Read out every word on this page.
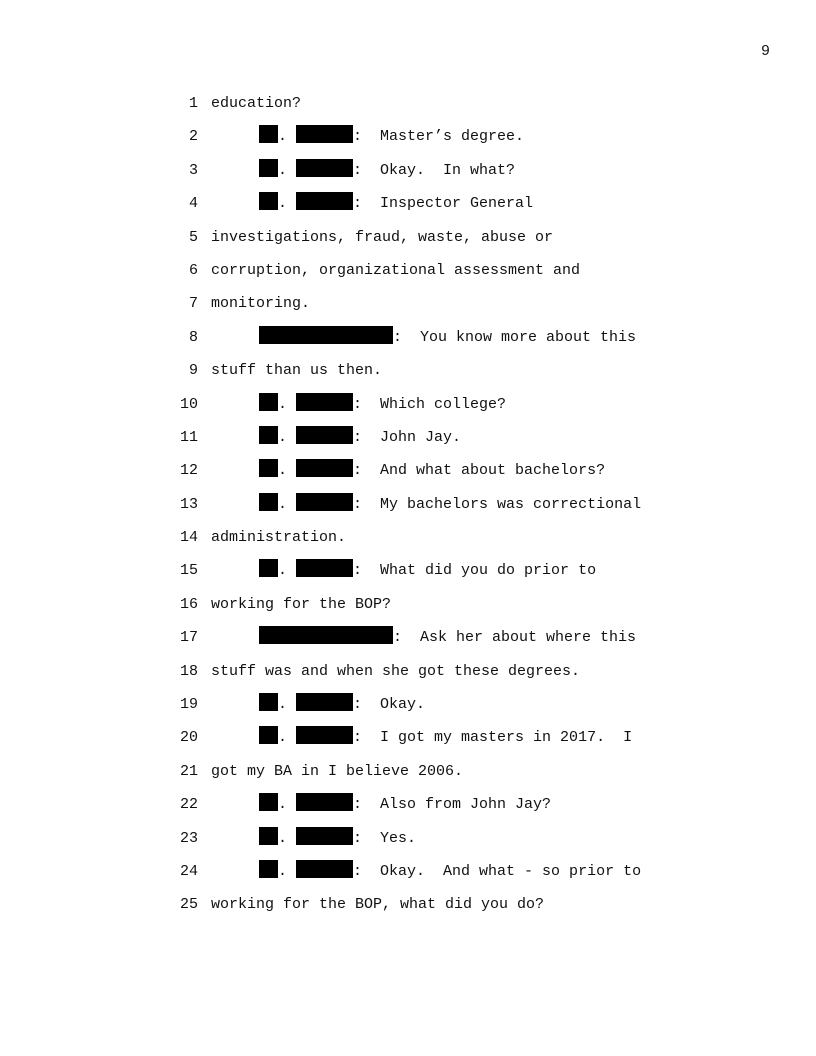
9
1 education?
2	.	:  Master’s degree.
3	.	:  Okay.  In what?
4	.	:  Inspector General
5 investigations, fraud, waste, abuse or
6 corruption, organizational assessment and
7 monitoring.
8	:  You know more about this
9 stuff than us then.
10	.	:  Which college?
11	.	:  John Jay.
12	.	:  And what about bachelors?
13	.	:  My bachelors was correctional
14 administration.
15	.	:  What did you do prior to
16 working for the BOP?
17	:  Ask her about where this
18 stuff was and when she got these degrees.
19	.	:  Okay.
20	.	:  I got my masters in 2017.  I
21 got my BA in I believe 2006.
22	.	:  Also from John Jay?
23	.	:  Yes.
24	.	:  Okay.  And what - so prior to
25 working for the BOP, what did you do?
